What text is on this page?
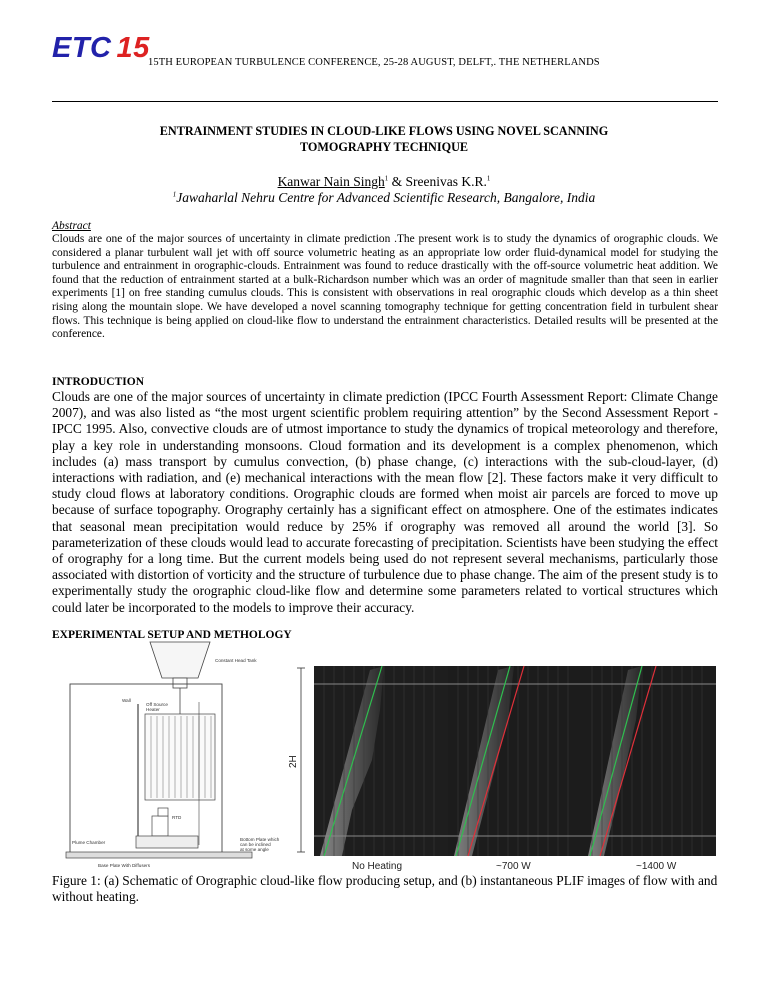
ETC 15
15TH EUROPEAN TURBULENCE CONFERENCE, 25-28 AUGUST, DELFT,. THE NETHERLANDS
ENTRAINMENT STUDIES IN CLOUD-LIKE FLOWS USING NOVEL SCANNING
TOMOGRAPHY TECHNIQUE
Kanwar Nain Singh$^1$ & Sreenivas K.R.$^1$
$^1$Jawaharlal Nehru Centre for Advanced Scientific Research, Bangalore, India
Abstract
Clouds are one of the major sources of uncertainty in climate prediction .The present work is to study the dynamics of orographic clouds. We considered a planar turbulent wall jet with off source volumetric heating as an appropriate low order fluid-dynamical model for studying the turbulence and entrainment in orographic-clouds. Entrainment was found to reduce drastically with the off-source volumetric heat addition. We found that the reduction of entrainment started at a bulk-Richardson number which was an order of magnitude smaller than that seen in earlier experiments [1] on free standing cumulus clouds. This is consistent with observations in real orographic clouds which develop as a thin sheet rising along the mountain slope. We have developed a novel scanning tomography technique for getting concentration field in turbulent shear flows. This technique is being applied on cloud-like flow to understand the entrainment characteristics. Detailed results will be presented at the conference.
INTRODUCTION
Clouds are one of the major sources of uncertainty in climate prediction (IPCC Fourth Assessment Report: Climate Change 2007), and was also listed as “the most urgent scientific problem requiring attention” by the Second Assessment Report - IPCC 1995. Also, convective clouds are of utmost importance to study the dynamics of tropical meteorology and therefore, play a key role in understanding monsoons. Cloud formation and its development is a complex phenomenon, which includes (a) mass transport by cumulus convection, (b) phase change, (c) interactions with the sub-cloud-layer, (d) interactions with radiation, and (e) mechanical interactions with the mean flow [2]. These factors make it very difficult to study cloud flows at laboratory conditions. Orographic clouds are formed when moist air parcels are forced to move up because of surface topography. Orography certainly has a significant effect on atmosphere. One of the estimates indicates that seasonal mean precipitation would reduce by 25% if orography was removed all around the world [3]. So parameterization of these clouds would lead to accurate forecasting of precipitation. Scientists have been studying the effect of orography for a long time. But the current models being used do not represent several mechanisms, particularly those associated with distortion of vorticity and the structure of turbulence due to phase change. The aim of the present study is to experimentally study the orographic cloud-like flow and determine some parameters related to vortical structures which could later be incorporated to the models to improve their accuracy.
EXPERIMENTAL SETUP AND METHOLOGY
Constant Head Tank
Wall
Off Source
Heater
RTD
Plume Chamber
Base Plate With Diffusers
Bottom Plate which
can be inclined
at some angle
2H
No Heating	~700 W	~1400 W
Figure 1: (a) Schematic of Orographic cloud-like flow producing setup, and (b) instantaneous PLIF images of flow with and without heating.
